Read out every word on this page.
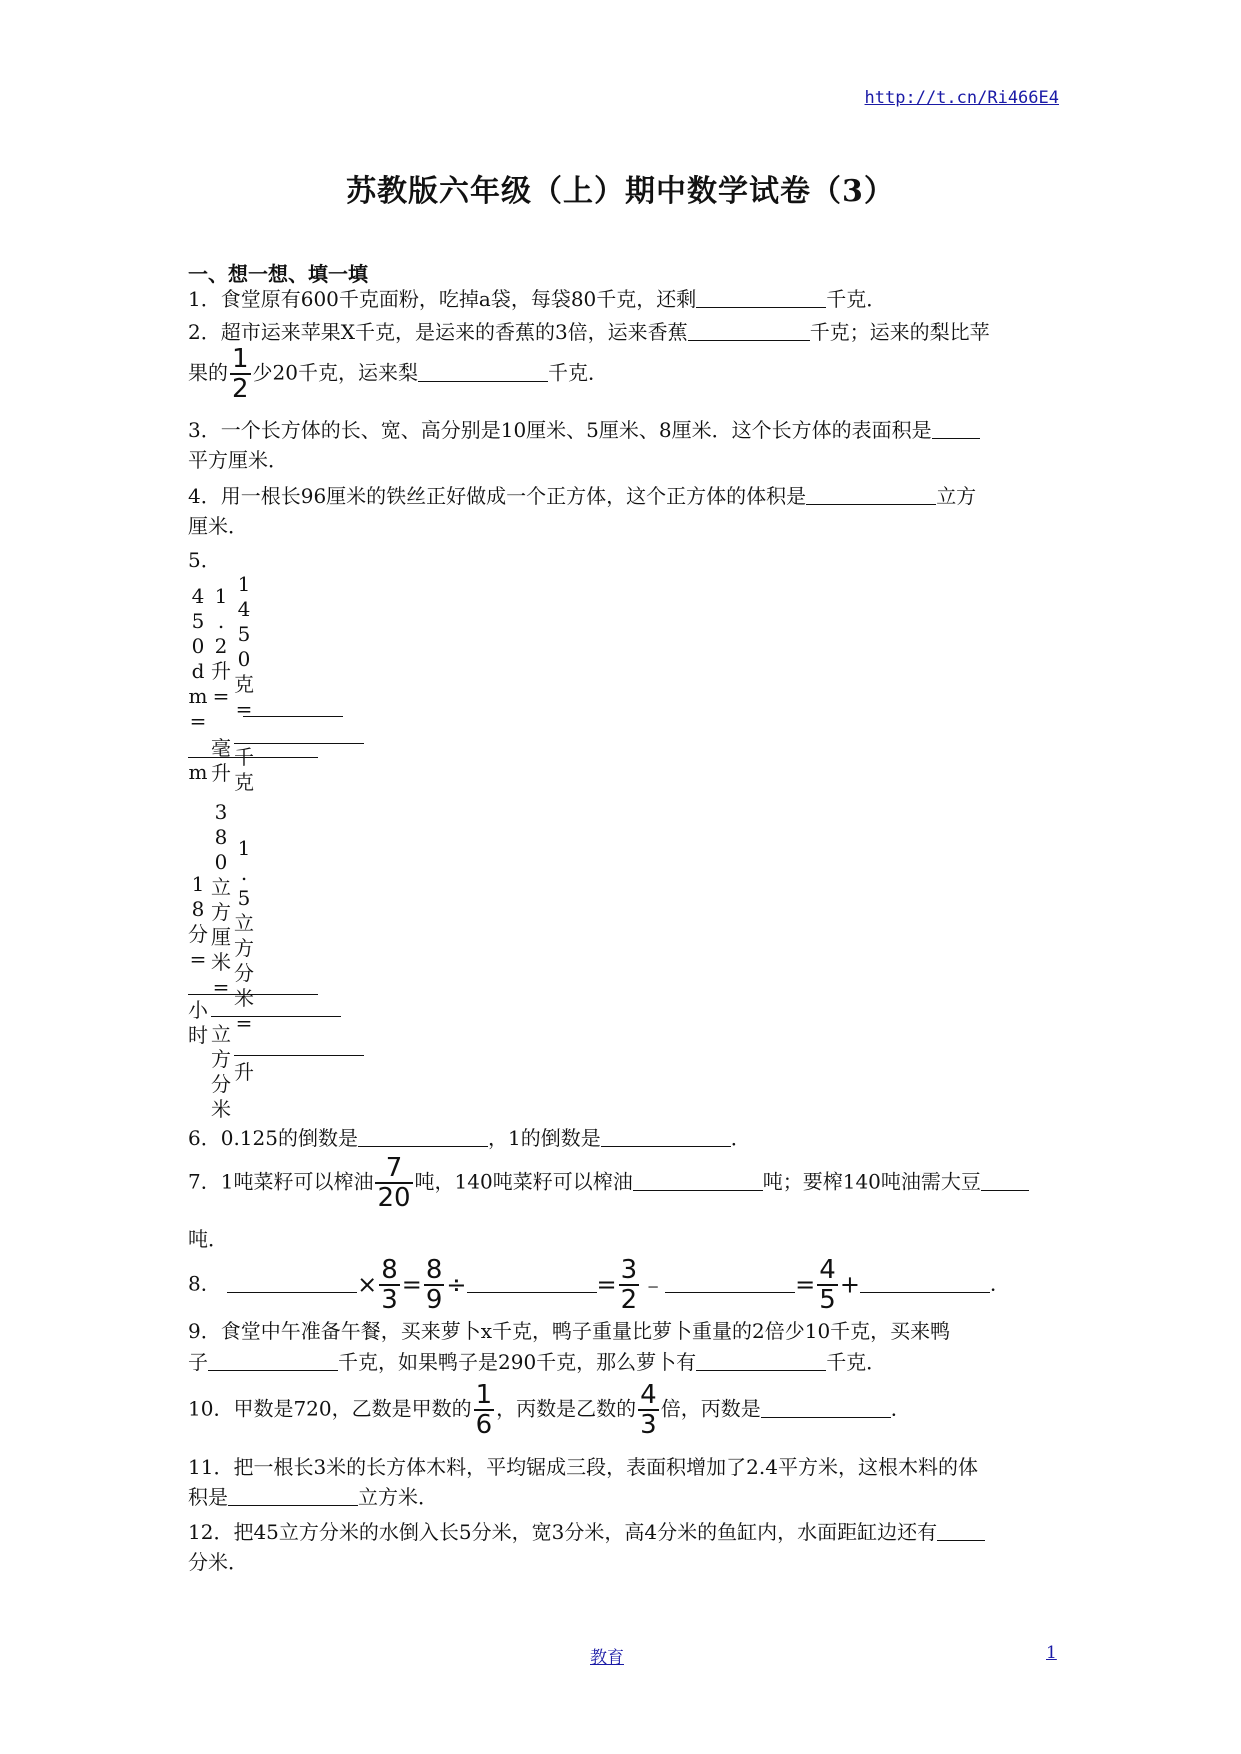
http://t.cn/Ri466E4
苏教版六年级（上）期中数学试卷（3）
一、想一想、填一填
1．食堂原有600千克面粉，吃掉a袋，每袋80千克，还剩	千克．
2．超市运来苹果X千克，是运来的香蕉的3倍，运来香蕉	千克；运来的梨比苹
果的 $\frac{1}{2}$ 少20千克，运来梨	千克．
3．一个长方体的长、宽、高分别是10厘米、5厘米、8厘米．这个长方体的表面积是
平方厘米．
4．用一根长96厘米的铁丝正好做成一个正方体，这个正方体的体积是	立方
厘米．
5．
4
5
0
d
m
=
m
1
.
2
升
=
毫
升
1
4
5
0
克
=
千
克
1
8
分
=
小
时
3
8
0
立
方
厘
米
=
立
方
分
米
1
.
5
立
方
分
米
=
升
6．0.125的倒数是	，1的倒数是	．
7．1吨菜籽可以榨油 $\frac{7}{20}$ 吨，140吨菜籽可以榨油	吨；要榨140吨油需大豆
吨．
8．	× $\frac{8}{3} = \frac{8}{9}$ ÷	= $\frac{3}{2}$ ﹣	= $\frac{4}{5}$ +	．
9．食堂中午准备午餐，买来萝卜x千克，鸭子重量比萝卜重量的2倍少10千克，买来鸭
子	千克，如果鸭子是290千克，那么萝卜有	千克．
10．甲数是720，乙数是甲数的 $\frac{1}{6}$ ，丙数是乙数的 $\frac{4}{3}$ 倍，丙数是	．
11．把一根长3米的长方体木料，平均锯成三段，表面积增加了2.4平方米，这根木料的体
积是	立方米．
12．把45立方分米的水倒入长5分米，宽3分米，高4分米的鱼缸内，水面距缸边还有
分米．
教育	1
